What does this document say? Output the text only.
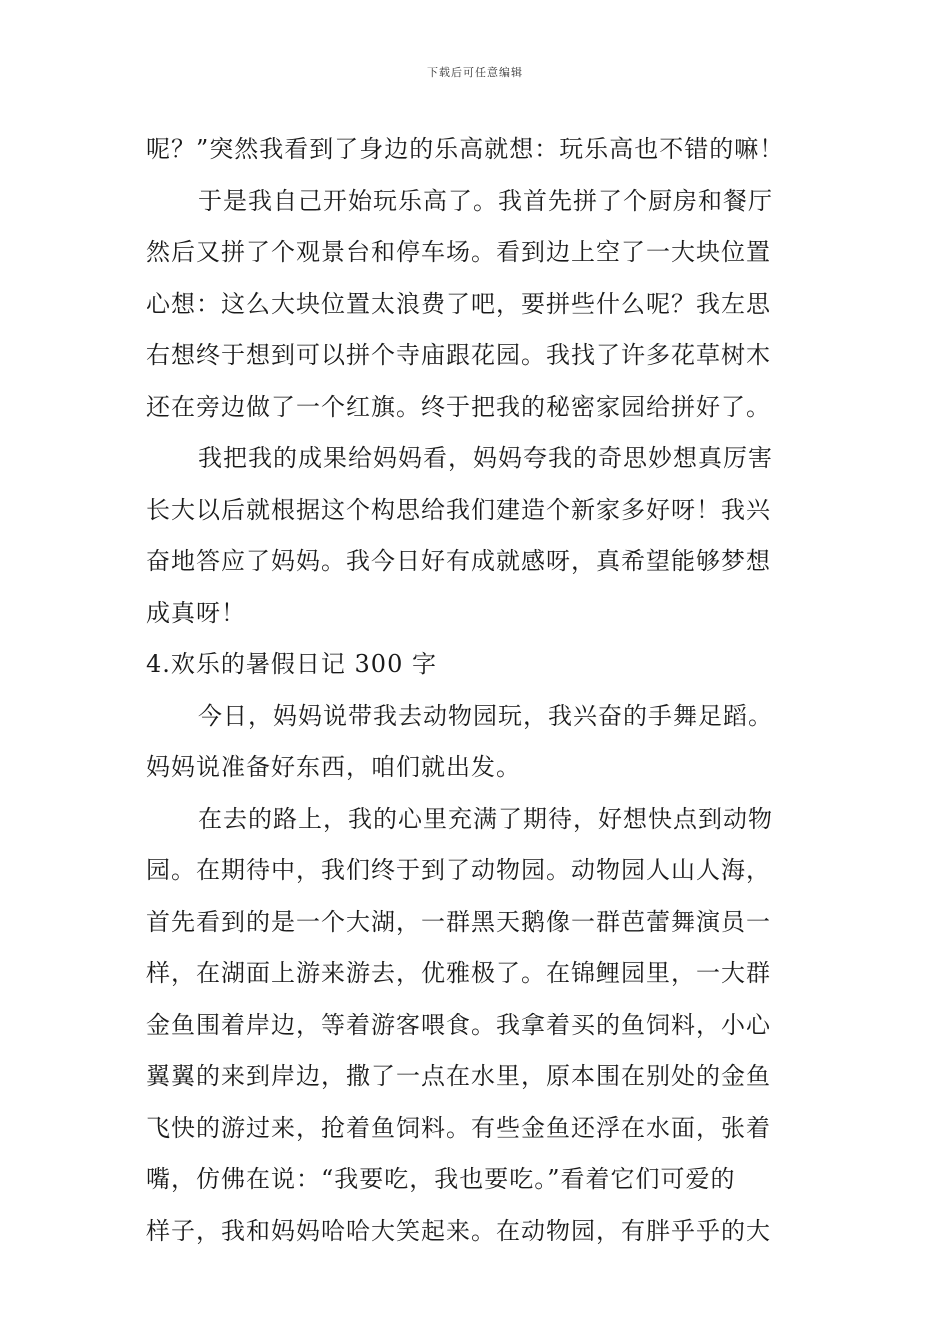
下载后可任意编辑
呢？”突然我看到了身边的乐高就想：玩乐高也不错的嘛！
于是我自己开始玩乐高了。我首先拼了个厨房和餐厅
然后又拼了个观景台和停车场。看到边上空了一大块位置
心想：这么大块位置太浪费了吧，要拼些什么呢？我左思
右想终于想到可以拼个寺庙跟花园。我找了许多花草树木
还在旁边做了一个红旗。终于把我的秘密家园给拼好了。
我把我的成果给妈妈看，妈妈夸我的奇思妙想真厉害
长大以后就根据这个构思给我们建造个新家多好呀！我兴
奋地答应了妈妈。我今日好有成就感呀，真希望能够梦想
成真呀！
4.欢乐的暑假日记 300 字
今日，妈妈说带我去动物园玩，我兴奋的手舞足蹈。
妈妈说准备好东西，咱们就出发。
在去的路上，我的心里充满了期待，好想快点到动物
园。在期待中，我们终于到了动物园。动物园人山人海，
首先看到的是一个大湖，一群黑天鹅像一群芭蕾舞演员一
样，在湖面上游来游去，优雅极了。在锦鲤园里，一大群
金鱼围着岸边，等着游客喂食。我拿着买的鱼饲料，小心
翼翼的来到岸边，撒了一点在水里，原本围在别处的金鱼
飞快的游过来，抢着鱼饲料。有些金鱼还浮在水面，张着
嘴，仿佛在说：“我要吃，我也要吃。”看着它们可爱的
样子，我和妈妈哈哈大笑起来。在动物园，有胖乎乎的大
